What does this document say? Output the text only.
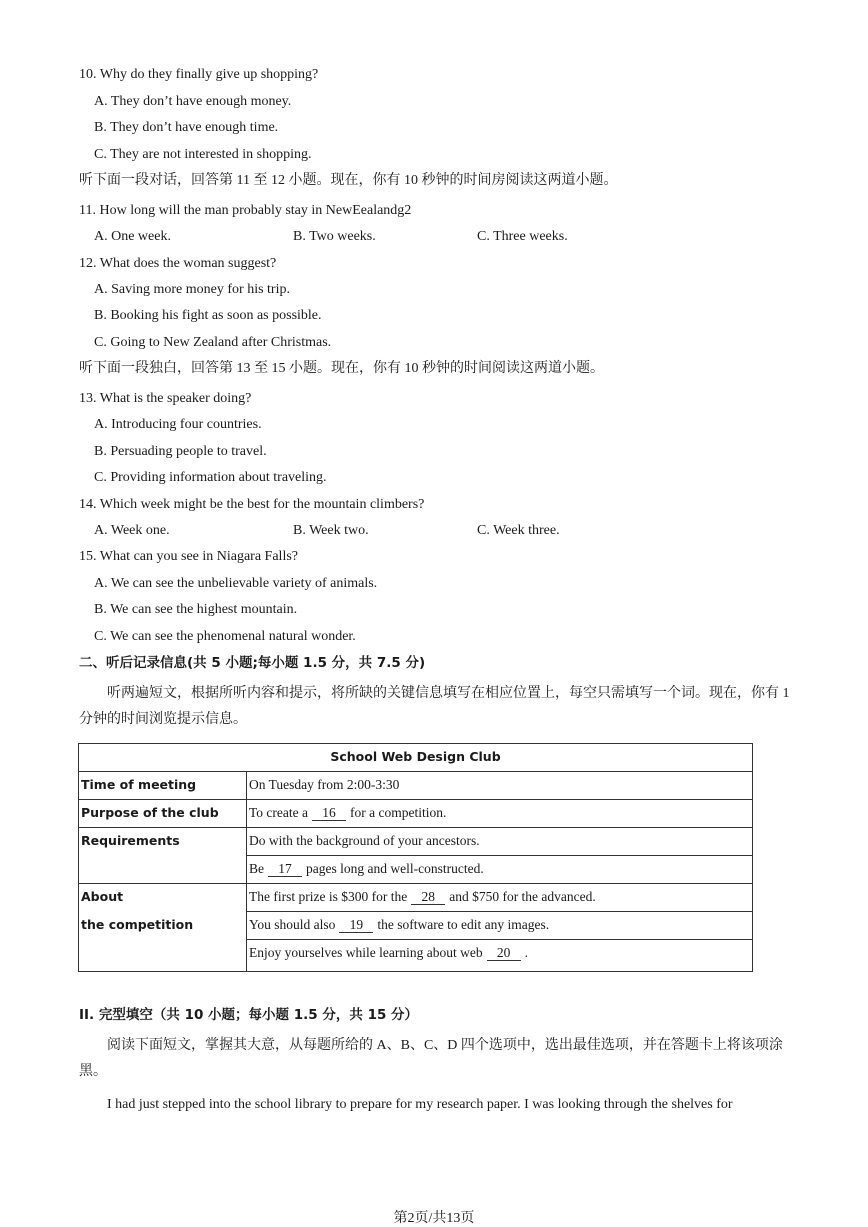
10. Why do they finally give up shopping?
A. They don’t have enough money.
B. They don’t have enough time.
C. They are not interested in shopping.
听下面一段对话，回答第 11 至 12 小题。现在，你有 10 秒钟的时间房阅读这两道小题。
11. How long will the man probably stay in NewEealandg2
A. One week.	B. Two weeks.	C. Three weeks.
12. What does the woman suggest?
A. Saving more money for his trip.
B. Booking his fight as soon as possible.
C. Going to New Zealand after Christmas.
听下面一段独白，回答第 13 至 15 小题。现在，你有 10 秒钟的时间阅读这两道小题。
13. What is the speaker doing?
A. Introducing four countries.
B. Persuading people to travel.
C. Providing information about traveling.
14. Which week might be the best for the mountain climbers?
A. Week one.	B. Week two.	C. Week three.
15. What can you see in Niagara Falls?
A. We can see the unbelievable variety of animals.
B. We can see the highest mountain.
C. We can see the phenomenal natural wonder.
二、听后记录信息(共 5 小题;每小题 1.5 分，共 7.5 分)
听两遍短文，根据所听内容和提示，将所缺的关键信息填写在相应位置上，每空只需填写一个词。现在，你有 1 分钟的时间浏览提示信息。
School Web Design Club	
Time of meeting	On Tuesday from 2:00-3:30
Purpose of the club	To create a 16 for a competition.
Requirements	Do with the background of your ancestors.
	Be 17 pages long and well-constructed.

About
the competition	The first prize is $300 for the 28 and $750 for the advanced.
	You should also 19 the software to edit any images.
	Enjoy yourselves while learning about web 20 .
II. 完型填空（共 10 小题；每小题 1.5 分，共 15 分）
阅读下面短文，掌握其大意，从每题所给的 A、B、C、D 四个选项中，选出最佳选项，并在答题卡上将该项涂黑。
I had just stepped into the school library to prepare for my research paper. I was looking through the shelves for
第2页/共13页
